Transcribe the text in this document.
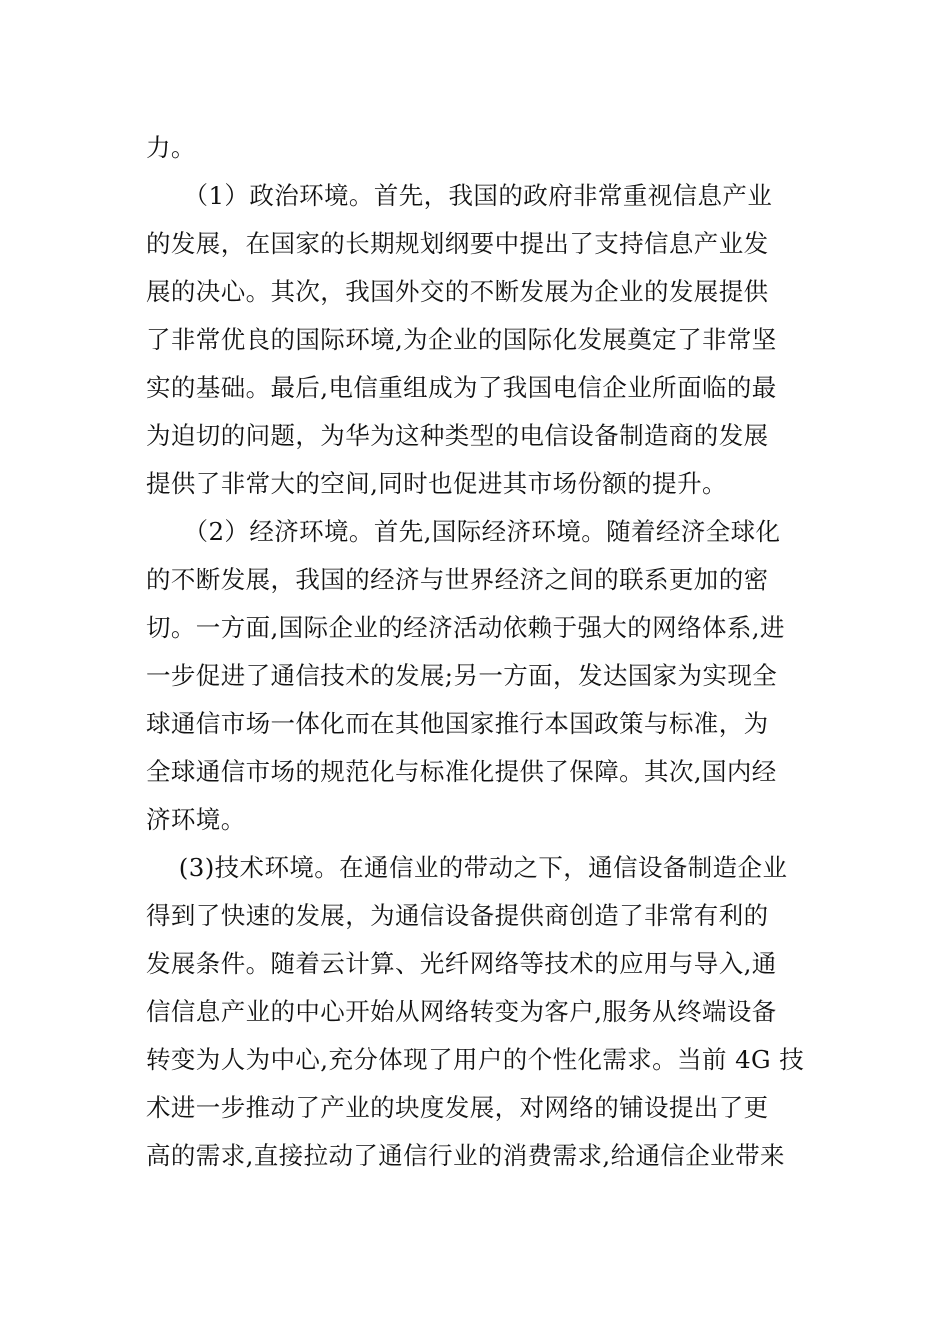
力。
　　（1）政治环境。首先，我国的政府非常重视信息产业
的发展，在国家的长期规划纲要中提出了支持信息产业发
展的决心。其次，我国外交的不断发展为企业的发展提供
了非常优良的国际环境,为企业的国际化发展奠定了非常坚
实的基础。最后,电信重组成为了我国电信企业所面临的最
为迫切的问题，为华为这种类型的电信设备制造商的发展
提供了非常大的空间,同时也促进其市场份额的提升。
　　（2）经济环境。首先,国际经济环境。随着经济全球化
的不断发展，我国的经济与世界经济之间的联系更加的密
切。一方面,国际企业的经济活动依赖于强大的网络体系,进
一步促进了通信技术的发展;另一方面，发达国家为实现全
球通信市场一体化而在其他国家推行本国政策与标准，为
全球通信市场的规范化与标准化提供了保障。其次,国内经
济环境。
(3)技术环境。在通信业的带动之下，通信设备制造企业
得到了快速的发展，为通信设备提供商创造了非常有利的
发展条件。随着云计算、光纤网络等技术的应用与导入,通
信信息产业的中心开始从网络转变为客户,服务从终端设备
转变为人为中心,充分体现了用户的个性化需求。当前 4G 技
术进一步推动了产业的块度发展，对网络的铺设提出了更
高的需求,直接拉动了通信行业的消费需求,给通信企业带来
